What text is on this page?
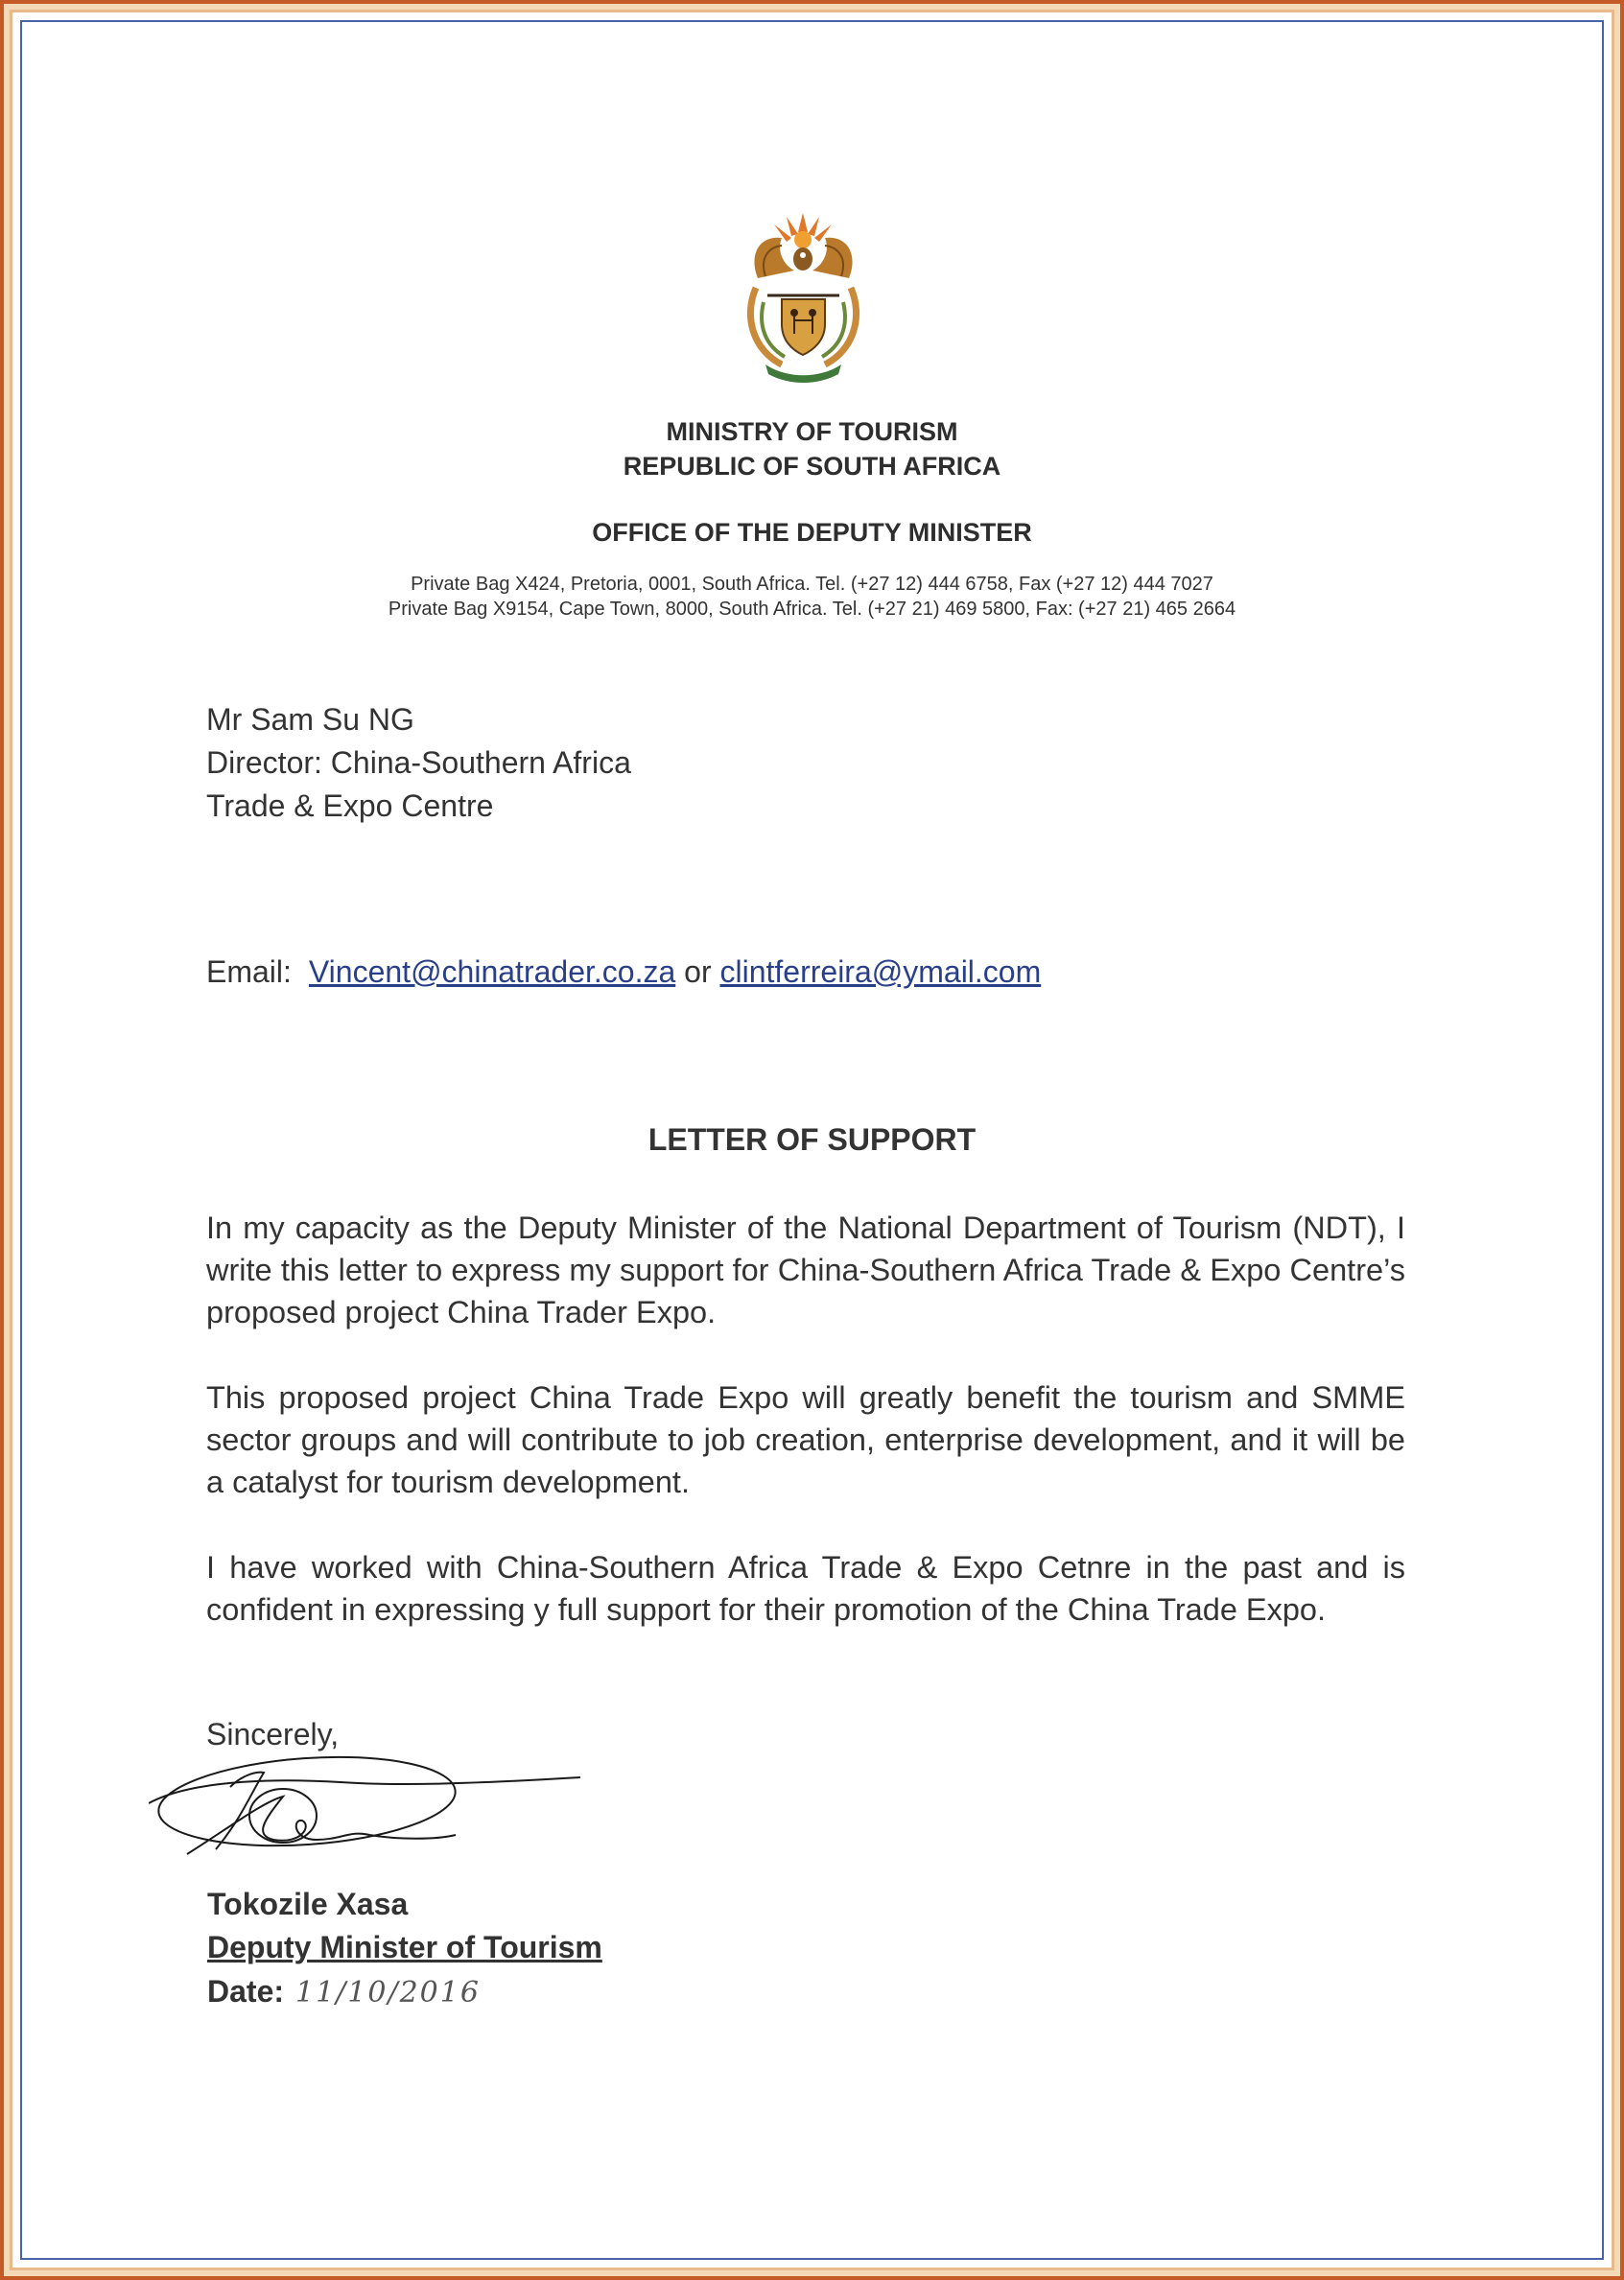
MINISTRY OF TOURISM
REPUBLIC OF SOUTH AFRICA
OFFICE OF THE DEPUTY MINISTER
Private Bag X424, Pretoria, 0001, South Africa. Tel. (+27 12) 444 6758, Fax (+27 12) 444 7027
Private Bag X9154, Cape Town, 8000, South Africa. Tel. (+27 21) 469 5800, Fax: (+27 21) 465 2664
Mr Sam Su NG
Director: China-Southern Africa
Trade & Expo Centre
Email: Vincent@chinatrader.co.za or clintferreira@ymail.com
LETTER OF SUPPORT
In my capacity as the Deputy Minister of the National Department of Tourism (NDT), I write this letter to express my support for China-Southern Africa Trade & Expo Centre’s proposed project China Trader Expo.
This proposed project China Trade Expo will greatly benefit the tourism and SMME sector groups and will contribute to job creation, enterprise development, and it will be a catalyst for tourism development.
I have worked with China-Southern Africa Trade & Expo Cetnre in the past and is confident in expressing y full support for their promotion of the China Trade Expo.
Sincerely,
Tokozile Xasa
Deputy Minister of Tourism
Date: 11/10/2016
